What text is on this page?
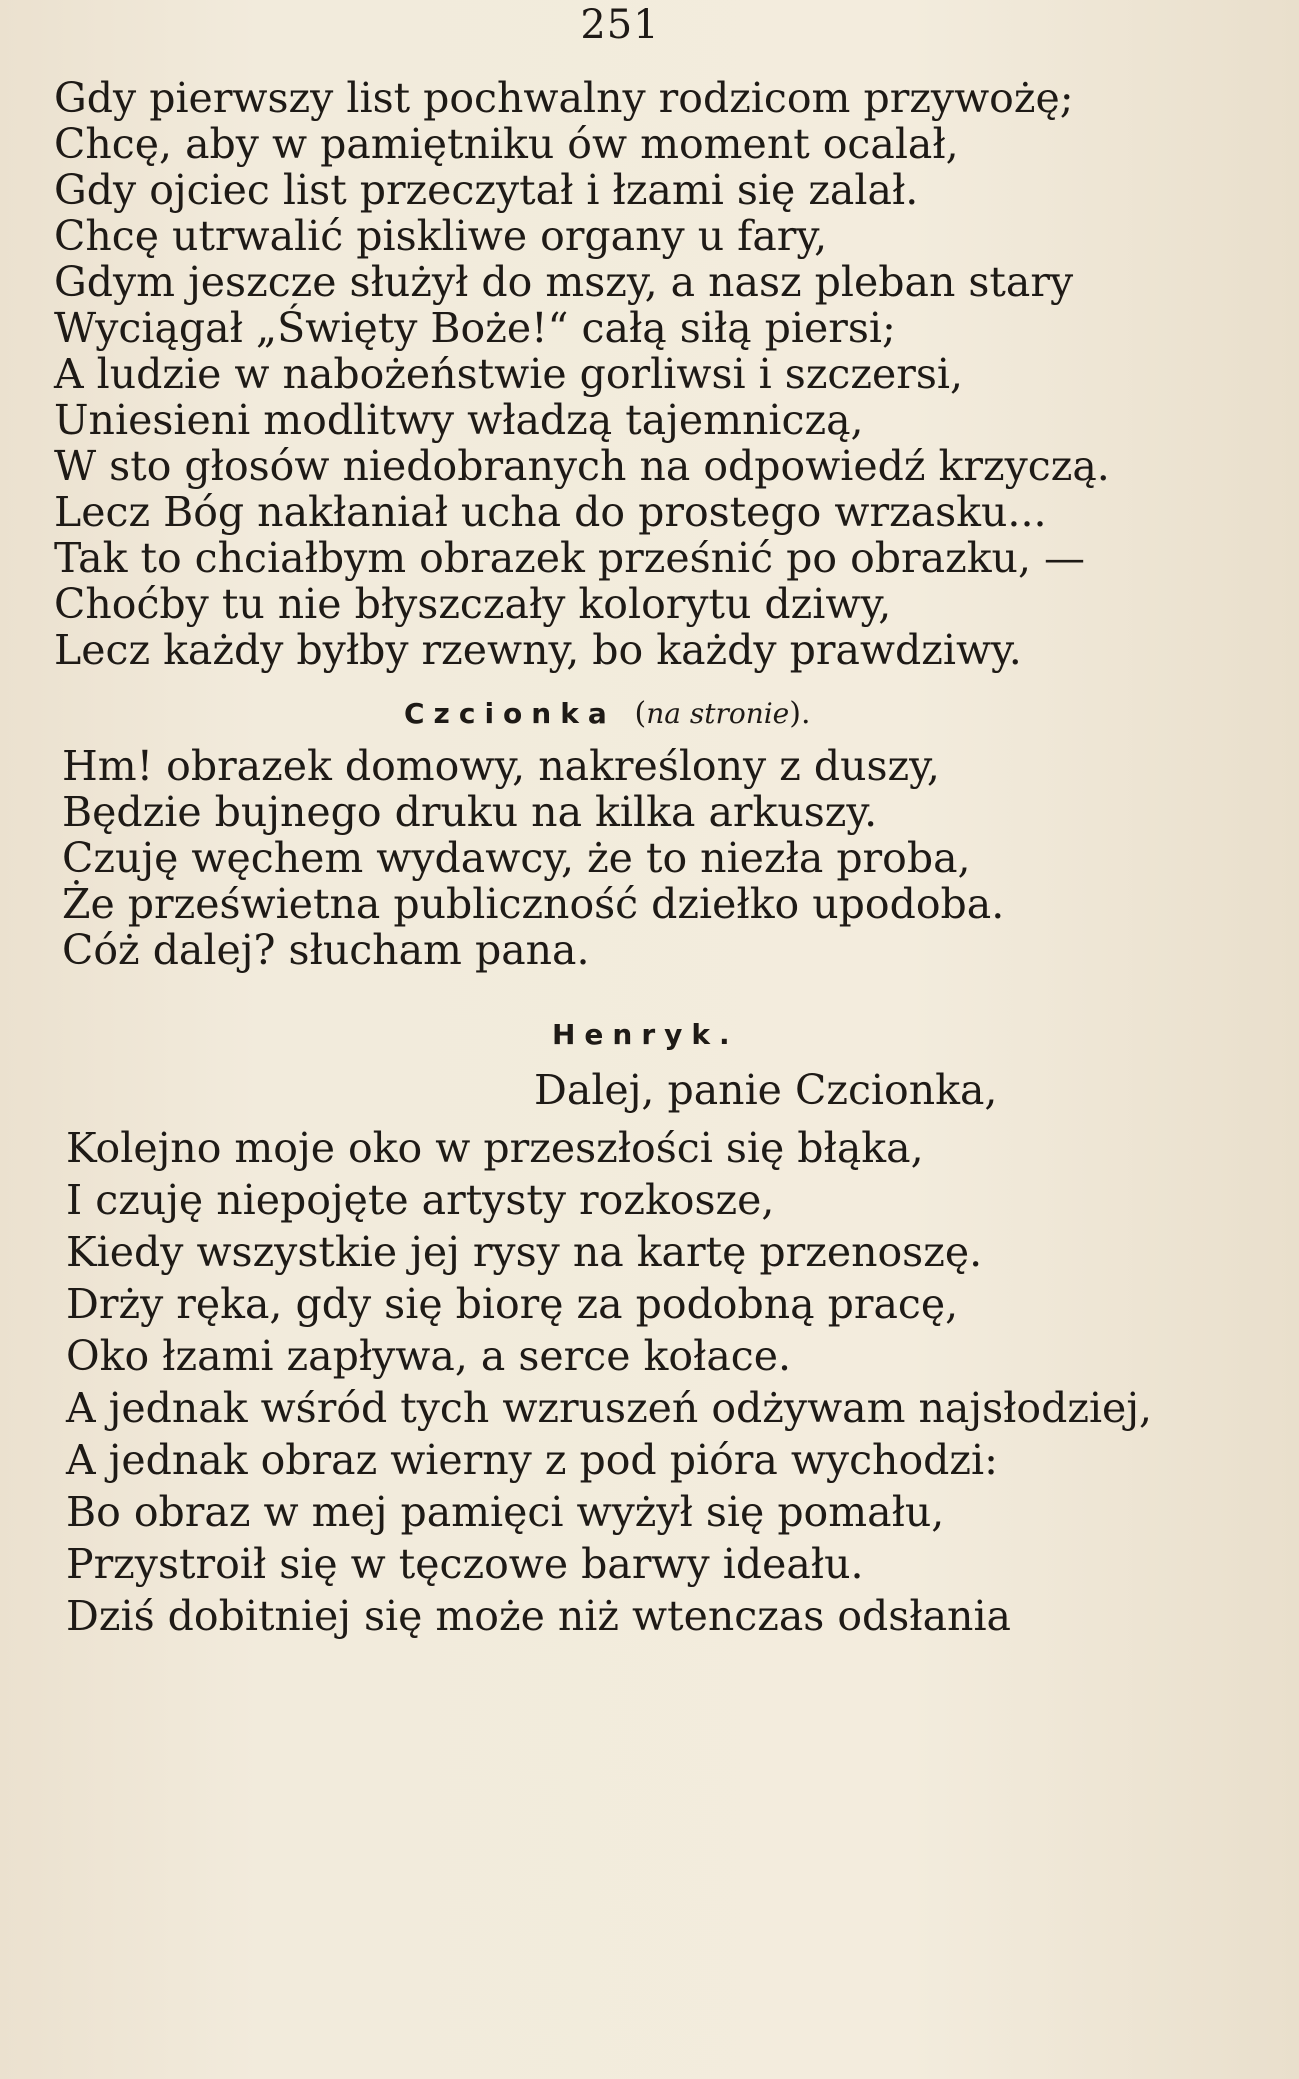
251
Gdy pierwszy list pochwalny rodzicom przywożę;
Chcę, aby w pamiętniku ów moment ocalał,
Gdy ojciec list przeczytał i łzami się zalał.
Chcę utrwalić piskliwe organy u fary,
Gdym jeszcze służył do mszy, a nasz pleban stary
Wyciągał „Święty Boże!“ całą siłą piersi;
A ludzie w nabożeństwie gorliwsi i szczersi,
Uniesieni modlitwy władzą tajemniczą,
W sto głosów niedobranych na odpowiedź krzyczą.
Lecz Bóg nakłaniał ucha do prostego wrzasku...
Tak to chciałbym obrazek prześnić po obrazku, —
Choćby tu nie błyszczały kolorytu dziwy,
Lecz każdy byłby rzewny, bo każdy prawdziwy.
Czcionka (na stronie).
Hm! obrazek domowy, nakreślony z duszy,
Będzie bujnego druku na kilka arkuszy.
Czuję węchem wydawcy, że to niezła proba,
Że prześwietna publiczność dziełko upodoba.
Cóż dalej? słucham pana.
Henryk.
Dalej, panie Czcionka,
Kolejno moje oko w przeszłości się błąka,
I czuję niepojęte artysty rozkosze,
Kiedy wszystkie jej rysy na kartę przenoszę.
Drży ręka, gdy się biorę za podobną pracę,
Oko łzami zapływa, a serce kołace.
A jednak wśród tych wzruszeń odżywam najsłodziej,
A jednak obraz wierny z pod pióra wychodzi:
Bo obraz w mej pamięci wyżył się pomału,
Przystroił się w tęczowe barwy ideału.
Dziś dobitniej się może niż wtenczas odsłania
